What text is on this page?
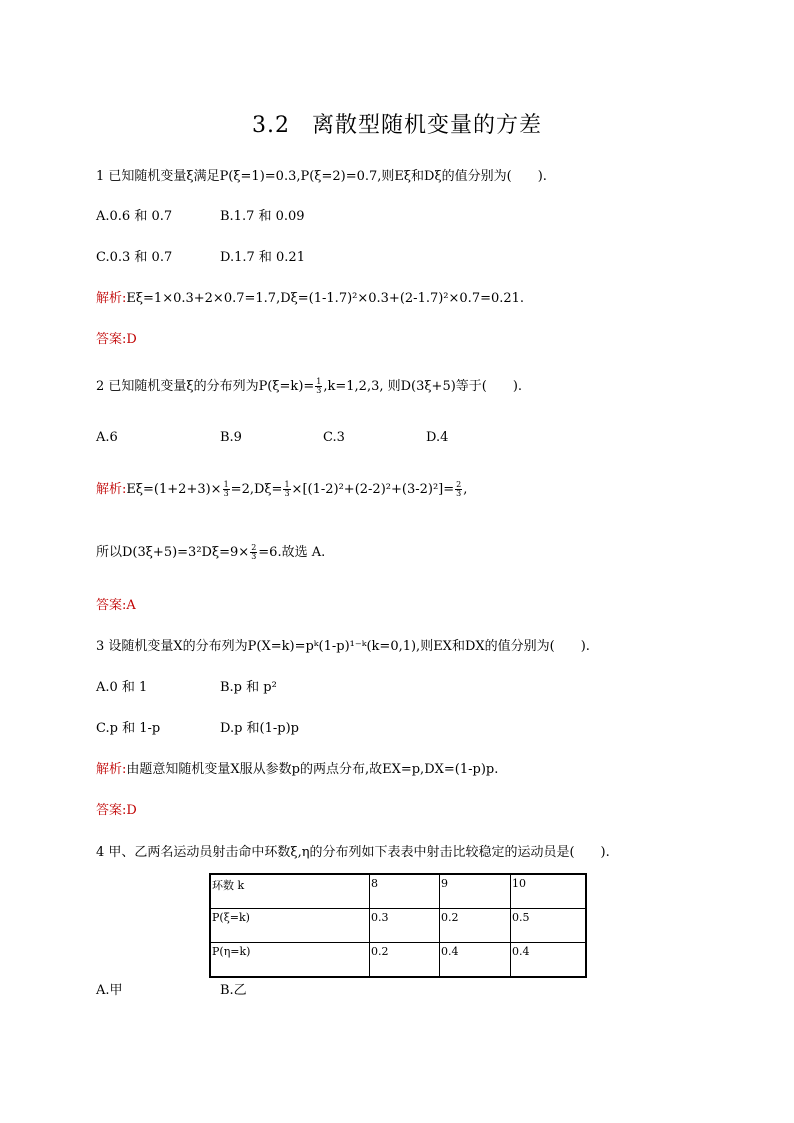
3.2 离散型随机变量的方差
1 已知随机变量ξ满足P(ξ=1)=0.3,P(ξ=2)=0.7,则Eξ和Dξ的值分别为(　　).
A.0.6 和 0.7	B.1.7 和 0.09
C.0.3 和 0.7	D.1.7 和 0.21
解析:Eξ=1×0.3+2×0.7=1.7,Dξ=(1-1.7)²×0.3+(2-1.7)²×0.7=0.21.
答案:D
2 已知随机变量ξ的分布列为$P(\xi=k)= \frac{1}{3} ,k=1,2,3$, 则D(3ξ+5)等于(　　).
A.6	B.9	C.3	D.4
解析:Eξ=(1+2+3)× $\frac{1}{3} =2,D\xi= \frac{1}{3} \times[(1-2)^2+(2-2)^2+(3-2)^2]= \frac{2}{3}$ ,
所以$D(3\xi+5)=3^2D\xi=9\times \frac{2}{3} =6$.故选 A.
答案:A
3 设随机变量X的分布列为P(X=k)=pᵏ(1-p)¹⁻ᵏ(k=0,1),则EX和DX的值分别为(　　).
A.0 和 1	B.p 和 p²
C.p 和 1-p	D.p 和(1-p)p
解析:由题意知随机变量X服从参数p的两点分布,故EX=p,DX=(1-p)p.
答案:D
4 甲、乙两名运动员射击命中环数ξ,η的分布列如下表表中射击比较稳定的运动员是(　　).
环数 k	8	9	10
P(ξ=k)	0.3	0.2	0.5
P(η=k)	0.2	0.4	0.4
A.甲	B.乙
